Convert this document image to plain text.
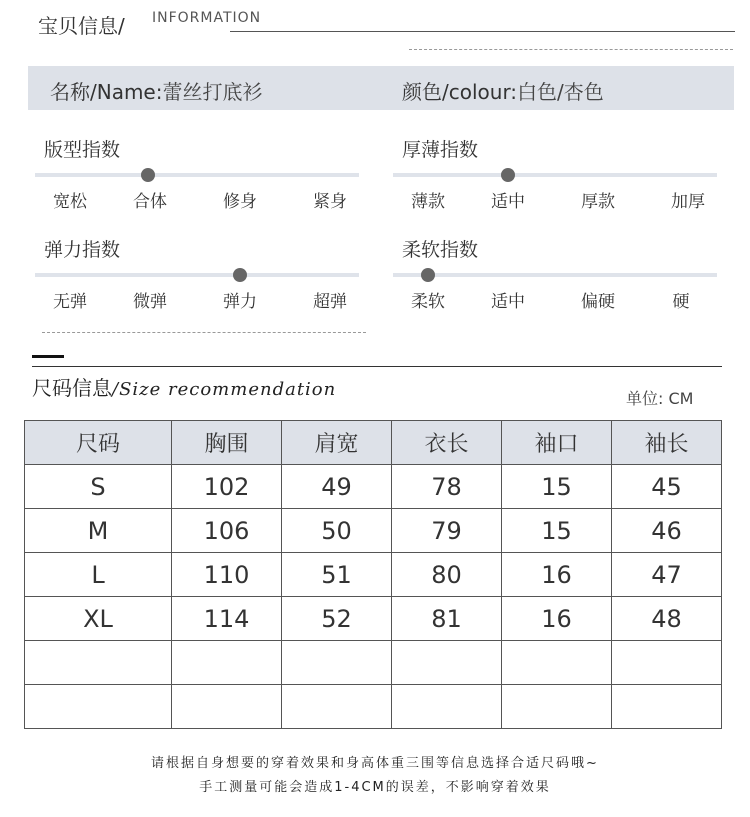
宝贝信息/ INFORMATION
名称/Name:蕾丝打底衫	颜色/colour:白色/杏色
版型指数
宽松	合体	修身	紧身
厚薄指数
薄款	适中	厚款	加厚
弹力指数
无弹	微弹	弹力	超弹
柔软指数
柔软	适中	偏硬	硬
尺码信息/Size recommendation	单位: CM
尺码	胸围	肩宽	衣长	袖口	袖长
S	102	49	78	15	45
M	106	50	79	15	46
L	110	51	80	16	47
XL	114	52	81	16	48

请根据自身想要的穿着效果和身高体重三围等信息选择合适尺码哦~
手工测量可能会造成1-4CM的误差，不影响穿着效果
